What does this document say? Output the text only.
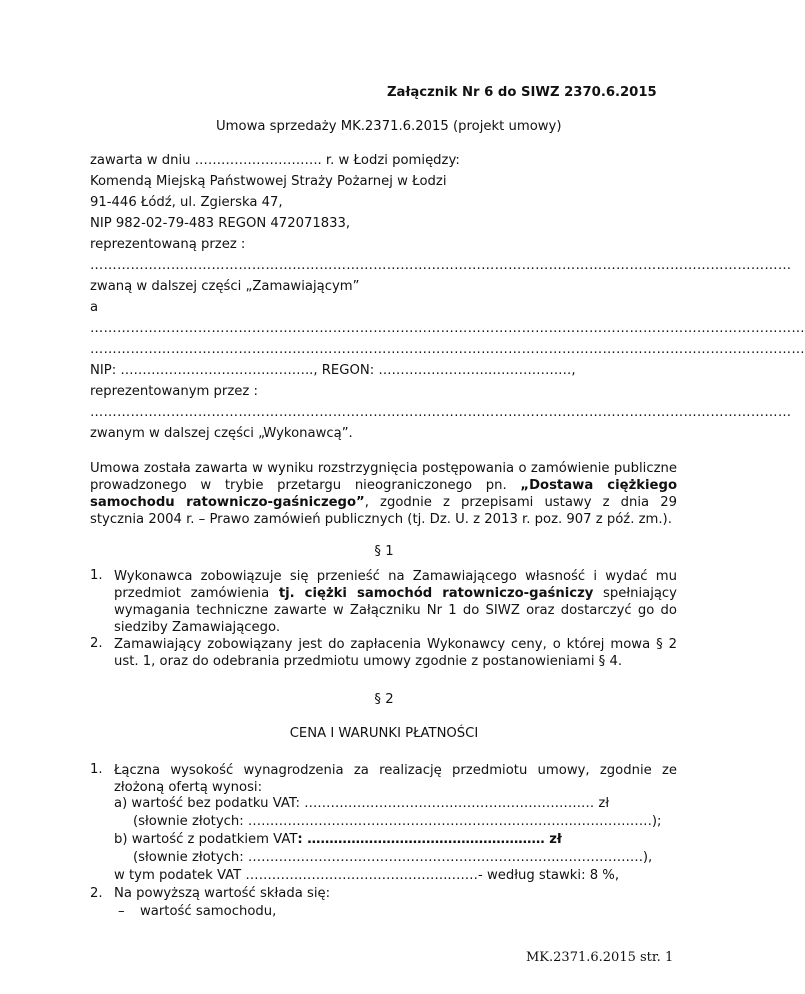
Załącznik Nr 6 do SIWZ 2370.6.2015
Umowa sprzedaży MK.2371.6.2015 (projekt umowy)
zawarta w dniu ……………………….. r. w Łodzi pomiędzy:
Komendą Miejską Państwowej Straży Pożarnej w Łodzi
91-446 Łódź, ul. Zgierska 47,
NIP 982-02-79-483 REGON 472071833,
reprezentowaną przez :
…………………………………………………………………………………………………………………………………………
zwaną w dalszej części „Zamawiającym”
a
……………………………………………………………………………………………………………………………………………
……………………………………………………………………………………………………………………………………………
NIP: …………………………………….., REGON: ……………………..………………,
reprezentowanym przez :
…………………………………………………………………………………………………………………………………………
zwanym w dalszej części „Wykonawcą”.
Umowa została zawarta w wyniku rozstrzygnięcia postępowania o zamówienie publiczne prowadzonego w trybie przetargu nieograniczonego pn. „Dostawa ciężkiego samochodu ratowniczo-gaśniczego”, zgodnie z przepisami ustawy z dnia 29 stycznia 2004 r. – Prawo zamówień publicznych (tj. Dz. U. z 2013 r. poz. 907 z póź. zm.).
§ 1
1. Wykonawca zobowiązuje się przenieść na Zamawiającego własność i wydać mu przedmiot zamówienia tj. ciężki samochód ratowniczo-gaśniczy spełniający wymagania techniczne zawarte w Załączniku Nr 1 do SIWZ oraz dostarczyć go do siedziby Zamawiającego.
2. Zamawiający zobowiązany jest do zapłacenia Wykonawcy ceny, o której mowa § 2 ust. 1, oraz do odebrania przedmiotu umowy zgodnie z postanowieniami § 4.
§ 2
CENA I WARUNKI PŁATNOŚCI
1. Łączna wysokość wynagrodzenia za realizację przedmiotu umowy, zgodnie ze złożoną ofertą wynosi:
a) wartość bez podatku VAT: ………………………………………………………… zł
(słownie złotych: ………………………………………………………………..………………);
b) wartość z podatkiem VAT: ……………………………………………… zł
(słownie złotych: ……………………………………………………………..……………….),
w tym podatek VAT ………………………………………..……- według stawki: 8 %,
2. Na powyższą wartość składa się:
– wartość samochodu,
MK.2371.6.2015 str. 1
